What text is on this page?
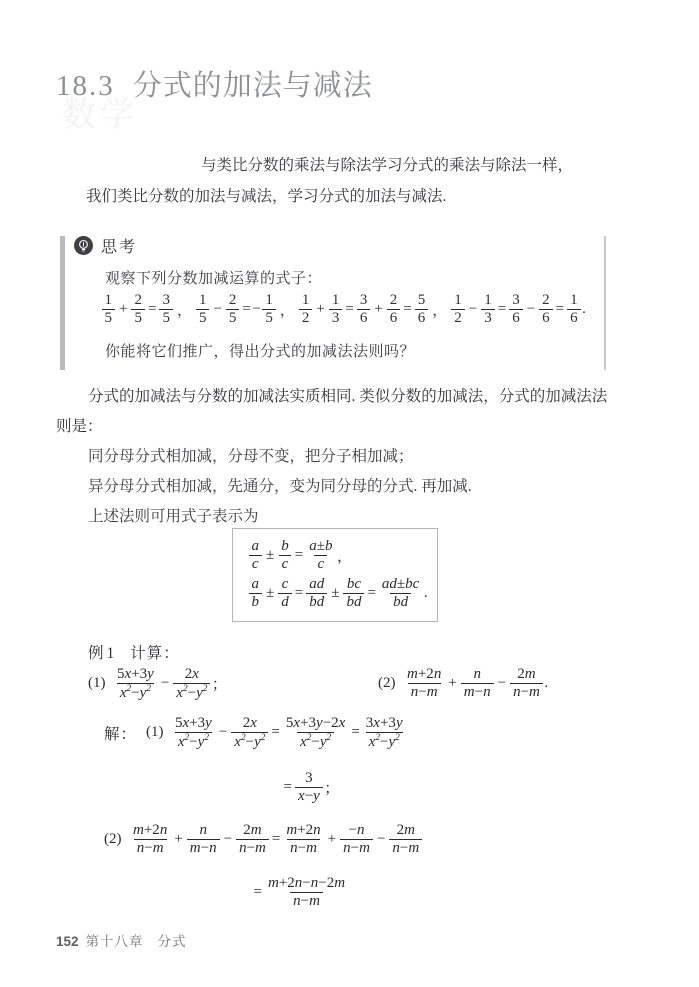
数学
18.3 分式的加法与减法
与类比分数的乘法与除法学习分式的乘法与除法一样，
我们类比分数的加法与减法，学习分式的加法与减法.
思考
观察下列分数加减运算的式子：
$\frac{1}{5} + \frac{2}{5} = \frac{3}{5}$ ， $\frac{1}{5} - \frac{2}{5}$ = − $\frac{1}{5}$ ， $\frac{1}{2} + \frac{1}{3} = \frac{3}{6} + \frac{2}{6} = \frac{5}{6}$ ， $\frac{1}{2} - \frac{1}{3} = \frac{3}{6} - \frac{2}{6} = \frac{1}{6}$ .
你能将它们推广，得出分式的加减法法则吗？
分式的加减法与分数的加减法实质相同. 类似分数的加减法，分式的加减法法则是：
同分母分式相加减，分母不变，把分子相加减；
异分母分式相加减，先通分，变为同分母的分式. 再加减.
上述法则可用式子表示为
$\frac{a}{c} \pm \frac{b}{c} = \frac{a\pm b}{c}$ ，
$\frac{a}{b} \pm \frac{c}{d} = \frac{ad}{bd} \pm \frac{bc}{bd} = \frac{ad\pm bc}{bd}$ .
例 1 计算：
$(1) \frac{5x+3y}{x^2-y^2} - \frac{2x}{x^2-y^2}$ ；	$(2) \frac{m+2n}{n-m} + \frac{n}{m-n} - \frac{2m}{n-m}$ .
解： $(1) \frac{5x+3y}{x^2-y^2} - \frac{2x}{x^2-y^2} = \frac{5x+3y-2x}{x^2-y^2} = \frac{3x+3y}{x^2-y^2}$
= $\frac{3}{x-y}$ ；
$(2) \frac{m+2n}{n-m} + \frac{n}{m-n} - \frac{2m}{n-m} = \frac{m+2n}{n-m} + \frac{-n}{n-m} - \frac{2m}{n-m}$
= $\frac{m+2n-n-2m}{n-m}$
152 第十八章 分式
